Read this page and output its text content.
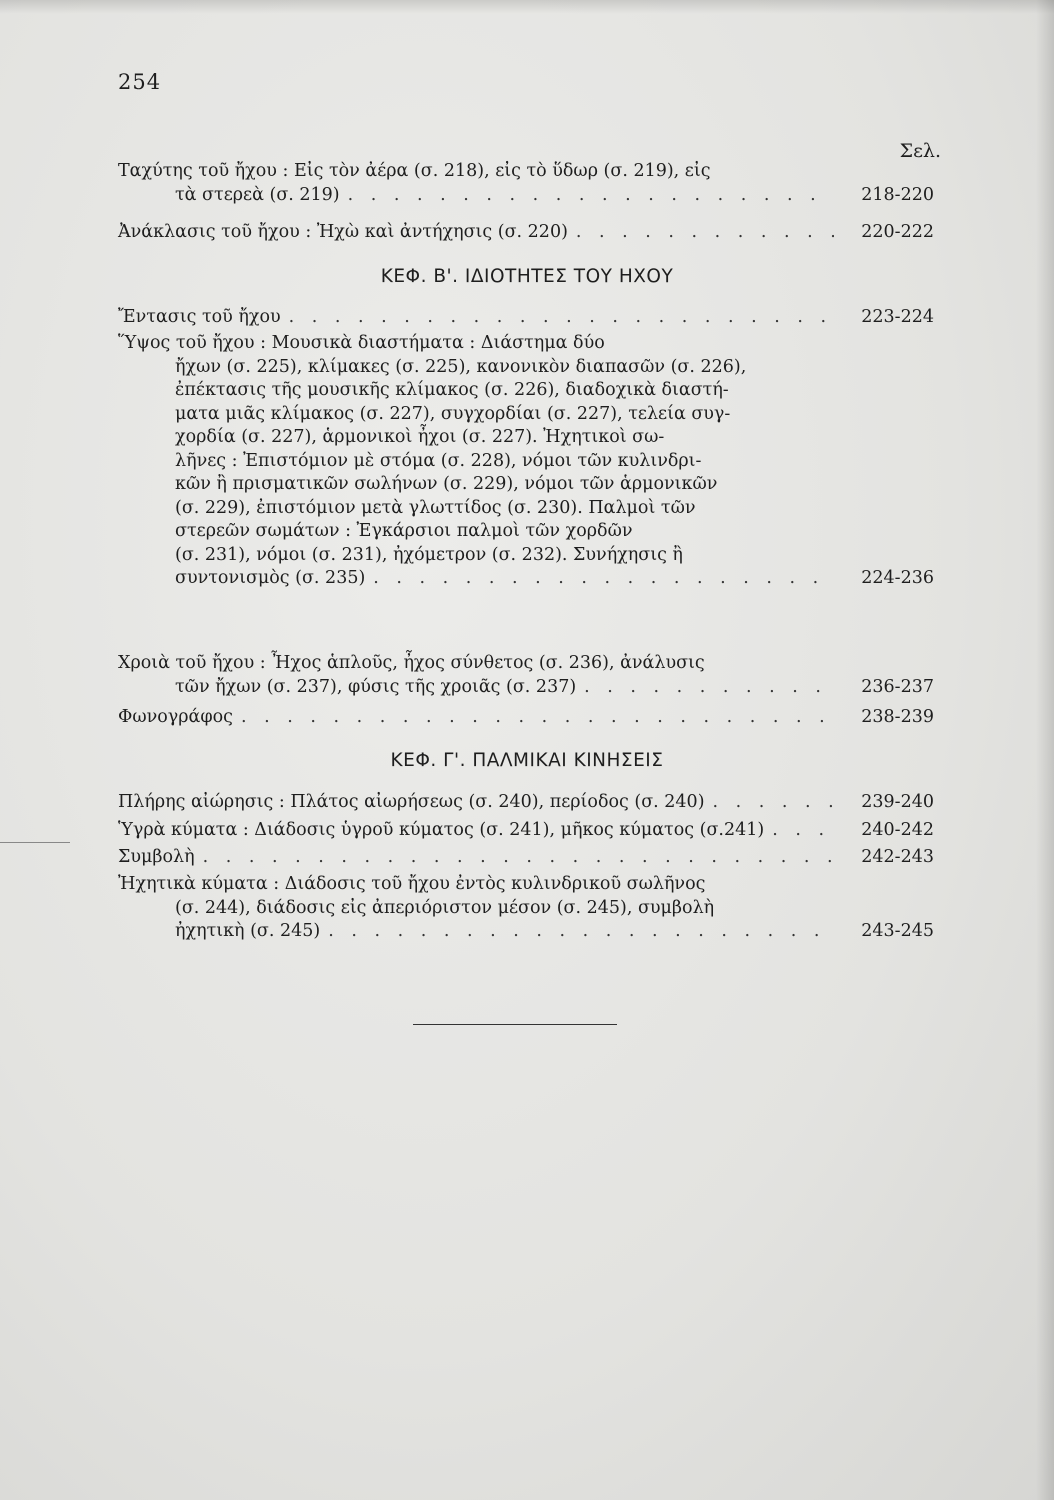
254
Σελ.
Ταχύτης τοῦ ἤχου : Εἰς τὸν ἀέρα (σ. 218), εἰς τὸ ὕδωρ (σ. 219), εἰς
τὰ στερεὰ (σ. 219) . . .	218-220
Ἀνάκλασις τοῦ ἤχου : Ἠχὼ καὶ ἀντήχησις (σ. 220) . . .	220-222
ΚΕΦ. Β'. ΙΔΙΟΤΗΤΕΣ ΤΟΥ ΗΧΟΥ
Ἔντασις τοῦ ἤχου . . .	223-224
Ὕψος τοῦ ἤχου : Μουσικὰ διαστήματα : Διάστημα δύο
ἤχων (σ. 225), κλίμακες (σ. 225), κανονικὸν διαπασῶν (σ. 226),
ἐπέκτασις τῆς μουσικῆς κλίμακος (σ. 226), διαδοχικὰ διαστή-
ματα μιᾶς κλίμακος (σ. 227), συγχορδίαι (σ. 227), τελεία συγ-
χορδία (σ. 227), ἁρμονικοὶ ἦχοι (σ. 227). Ἠχητικοὶ σω-
λῆνες : Ἐπιστόμιον μὲ στόμα (σ. 228), νόμοι τῶν κυλινδρι-
κῶν ἢ πρισματικῶν σωλήνων (σ. 229), νόμοι τῶν ἁρμονικῶν
(σ. 229), ἐπιστόμιον μετὰ γλωττίδος (σ. 230). Παλμοὶ τῶν
στερεῶν σωμάτων : Ἐγκάρσιοι παλμοὶ τῶν χορδῶν
(σ. 231), νόμοι (σ. 231), ἠχόμετρον (σ. 232). Συνήχησις ἢ
συντονισμὸς (σ. 235) . . .	224-236
Χροιὰ τοῦ ἤχου : Ἦχος ἁπλοῦς, ἦχος σύνθετος (σ. 236), ἀνάλυσις
τῶν ἤχων (σ. 237), φύσις τῆς χροιᾶς (σ. 237) . . .	236-237
Φωνογράφος . . .	238-239
ΚΕΦ. Γ'. ΠΑΛΜΙΚΑΙ ΚΙΝΗΣΕΙΣ
Πλήρης αἰώρησις : Πλάτος αἰωρήσεως (σ. 240), περίοδος (σ. 240) . . .	239-240
Ὑγρὰ κύματα : Διάδοσις ὑγροῦ κύματος (σ. 241), μῆκος κύματος (σ.241) . . .	240-242
Συμβολὴ . . .	242-243
Ἠχητικὰ κύματα : Διάδοσις τοῦ ἤχου ἐντὸς κυλινδρικοῦ σωλῆνος
(σ. 244), διάδοσις εἰς ἀπεριόριστον μέσον (σ. 245), συμβολὴ
ἠχητικὴ (σ. 245) . . .	243-245
